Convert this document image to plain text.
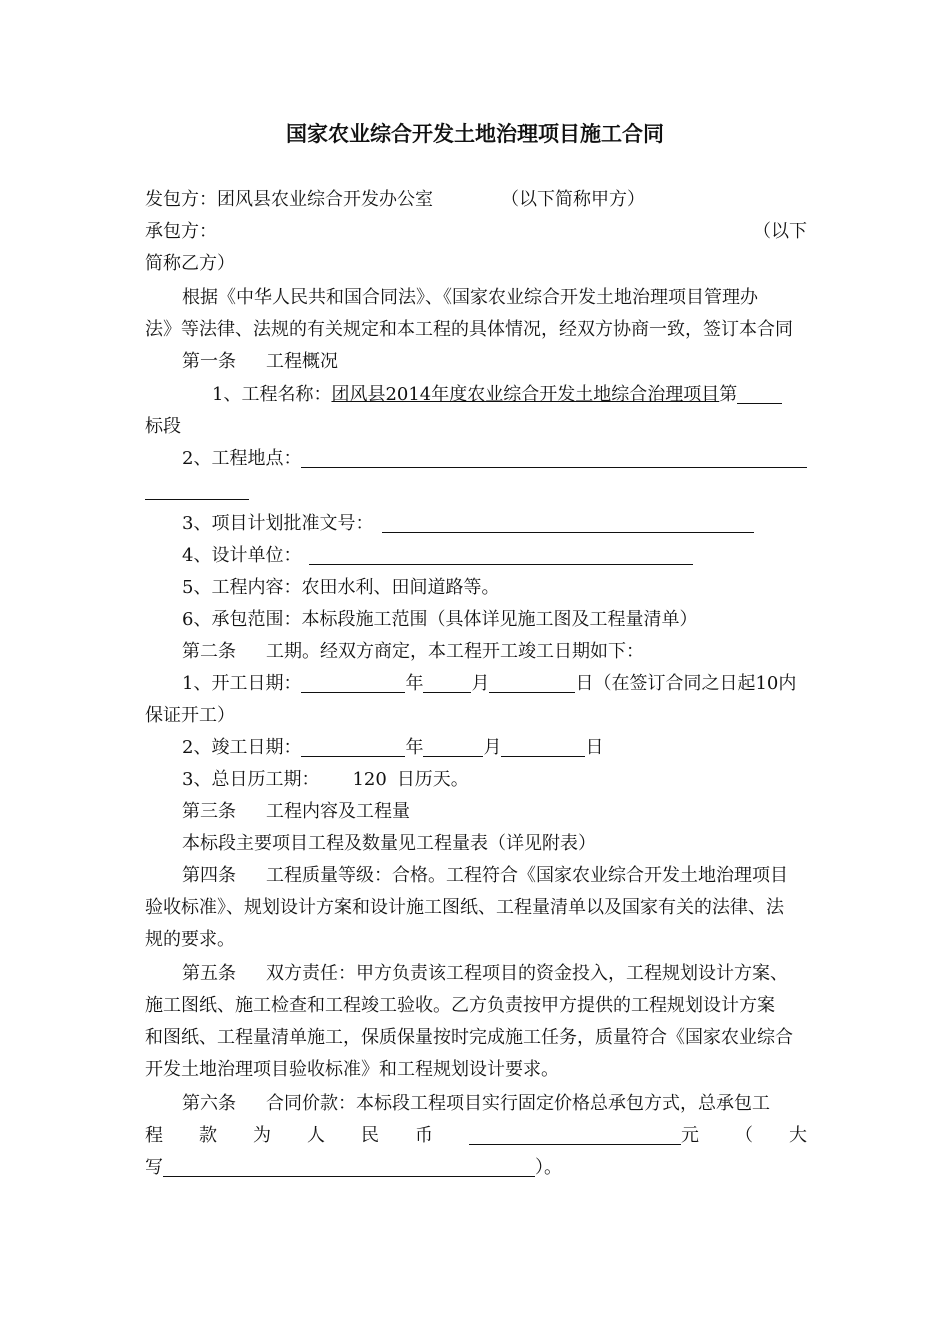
国家农业综合开发土地治理项目施工合同
发包方：团风县农业综合开发办公室	（以下简称甲方）
承包方：	（以下
简称乙方）
根据《中华人民共和国合同法》、《国家农业综合开发土地治理项目管理办
法》等法律、法规的有关规定和本工程的具体情况，经双方协商一致，签订本合同
第一条 工程概况
1、工程名称：团风县2014年度农业综合开发土地综合治理项目第
标段
2、工程地点：
3、项目计划批准文号：
4、设计单位：
5、工程内容：农田水利、田间道路等。
6、承包范围：本标段施工范围（具体详见施工图及工程量清单）
第二条 工期。经双方商定，本工程开工竣工日期如下：
1、开工日期：	年	月	日（在签订合同之日起10内
保证开工）
2、竣工日期：	年	月	日
3、总日历工期： 120 日历天。
第三条 工程内容及工程量
本标段主要项目工程及数量见工程量表（详见附表）
第四条 工程质量等级：合格。工程符合《国家农业综合开发土地治理项目
验收标准》、规划设计方案和设计施工图纸、工程量清单以及国家有关的法律、法
规的要求。
第五条 双方责任：甲方负责该工程项目的资金投入，工程规划设计方案、
施工图纸、施工检查和工程竣工验收。乙方负责按甲方提供的工程规划设计方案
和图纸、工程量清单施工，保质保量按时完成施工任务，质量符合《国家农业综合
开发土地治理项目验收标准》和工程规划设计要求。
第六条 合同价款：本标段工程项目实行固定价格总承包方式，总承包工
程 款 为 人 民 币	元 （ 大
写	）。
